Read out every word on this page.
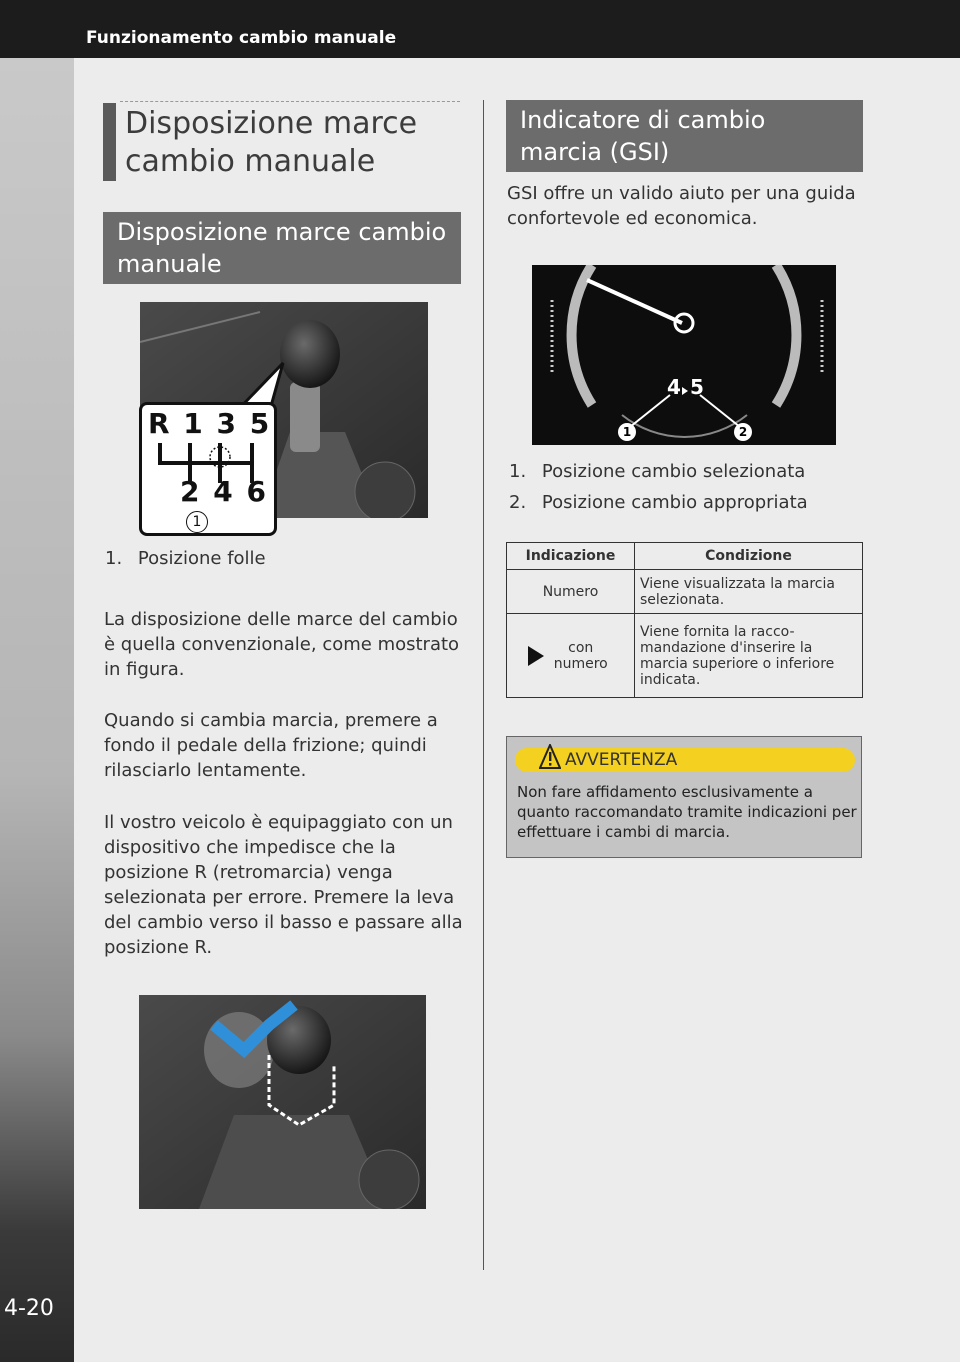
Funzionamento cambio manuale
4-20
Disposizione marce cambio manuale
Disposizione marce cambio manuale
R 1 3 5
2 4 6
1
1. Posizione folle
La disposizione delle marce del cambio è quella convenzionale, come mostrato in figura.
Quando si cambia marcia, premere a fondo il pedale della frizione; quindi rilasciarlo lentamente.
Il vostro veicolo è equipaggiato con un dispositivo che impedisce che la posizione R (retromarcia) venga selezionata per errore. Premere la leva del cambio verso il basso e passare alla posizione R.
Indicatore di cambio marcia (GSI)
GSI offre un valido aiuto per una guida confortevole ed economica.
4 5
1	2
1. Posizione cambio selezionata
2. Posizione cambio appropriata
Indicazione	Condizione
Numero	Viene visualizzata la marcia selezionata.
con numero	Viene fornita la racco-mandazione d'inserire la marcia superiore o inferiore indicata.
AVVERTENZA
Non fare affidamento esclusivamente a quanto raccomandato tramite indicazioni per effettuare i cambi di marcia.
